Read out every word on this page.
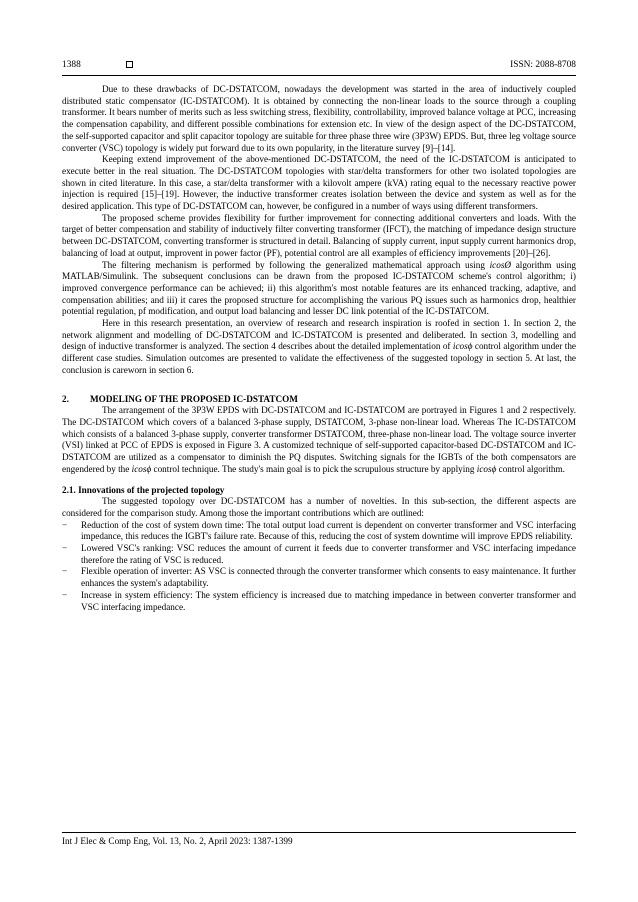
1388	ISSN: 2088-8708

Due to these drawbacks of DC-DSTATCOM, nowadays the development was started in the area of inductively coupled distributed static compensator (IC-DSTATCOM). It is obtained by connecting the non-linear loads to the source through a coupling transformer. It bears number of merits such as less switching stress, flexibility, controllability, improved balance voltage at PCC, increasing the compensation capability, and different possible combinations for extension etc. In view of the design aspect of the DC-DSTATCOM, the self-supported capacitor and split capacitor topology are suitable for three phase three wire (3P3W) EPDS. But, three leg voltage source converter (VSC) topology is widely put forward due to its own popularity, in the literature survey [9]–[14].

Keeping extend improvement of the above-mentioned DC-DSTATCOM, the need of the IC-DSTATCOM is anticipated to execute better in the real situation. The DC-DSTATCOM topologies with star/delta transformers for other two isolated topologies are shown in cited literature. In this case, a star/delta transformer with a kilovolt ampere (kVA) rating equal to the necessary reactive power injection is required [15]–[19]. However, the inductive transformer creates isolation between the device and system as well as for the desired application. This type of DC-DSTATCOM can, however, be configured in a number of ways using different transformers.

The proposed scheme provides flexibility for further improvement for connecting additional converters and loads. With the target of better compensation and stability of inductively filter converting transformer (IFCT), the matching of impedance design structure between DC-DSTATCOM, converting transformer is structured in detail. Balancing of supply current, input supply current harmonics drop, balancing of load at output, improvent in power factor (PF), potential control are all examples of efficiency improvements [20]–[26].

The filtering mechanism is performed by following the generalized mathematical approach using icosØ algorithm using MATLAB/Simulink. The subsequent conclusions can be drawn from the proposed IC-DSTATCOM scheme's control algorithm; i) improved convergence performance can be achieved; ii) this algorithm's most notable features are its enhanced tracking, adaptive, and compensation abilities; and iii) it cares the proposed structure for accomplishing the various PQ issues such as harmonics drop, healthier potential regulation, pf modification, and output load balancing and lesser DC link potential of the IC-DSTATCOM.

Here in this research presentation, an overview of research and research inspiration is roofed in section 1. In section 2, the network alignment and modelling of DC-DSTATCOM and IC-DSTATCOM is presented and deliberated. In section 3, modelling and design of inductive transformer is analyzed. The section 4 describes about the detailed implementation of icosϕ control algorithm under the different case studies. Simulation outcomes are presented to validate the effectiveness of the suggested topology in section 5. At last, the conclusion is careworn in section 6.

2. MODELING OF THE PROPOSED IC-DSTATCOM

The arrangement of the 3P3W EPDS with DC-DSTATCOM and IC-DSTATCOM are portrayed in Figures 1 and 2 respectively. The DC-DSTATCOM which covers of a balanced 3-phase supply, DSTATCOM, 3-phase non-linear load. Whereas The IC-DSTATCOM which consists of a balanced 3-phase supply, converter transformer DSTATCOM, three-phase non-linear load. The voltage source inverter (VSI) linked at PCC of EPDS is exposed in Figure 3. A customized technique of self-supported capacitor-based DC-DSTATCOM and IC-DSTATCOM are utilized as a compensator to diminish the PQ disputes. Switching signals for the IGBTs of the both compensators are engendered by the icosϕ control technique. The study's main goal is to pick the scrupulous structure by applying icosϕ control algorithm.

2.1. Innovations of the projected topology

The suggested topology over DC-DSTATCOM has a number of novelties. In this sub-section, the different aspects are considered for the comparison study. Among those the important contributions which are outlined:

− Reduction of the cost of system down time: The total output load current is dependent on converter transformer and VSC interfacing impedance, this reduces the IGBT's failure rate. Because of this, reducing the cost of system downtime will improve EPDS reliability.
− Lowered VSC's ranking: VSC reduces the amount of current it feeds due to converter transformer and VSC interfacing impedance therefore the rating of VSC is reduced.
− Flexible operation of inverter: AS VSC is connected through the converter transformer which consents to easy maintenance. It further enhances the system's adaptability.
− Increase in system efficiency: The system efficiency is increased due to matching impedance in between converter transformer and VSC interfacing impedance.
Int J Elec & Comp Eng, Vol. 13, No. 2, April 2023: 1387-1399
